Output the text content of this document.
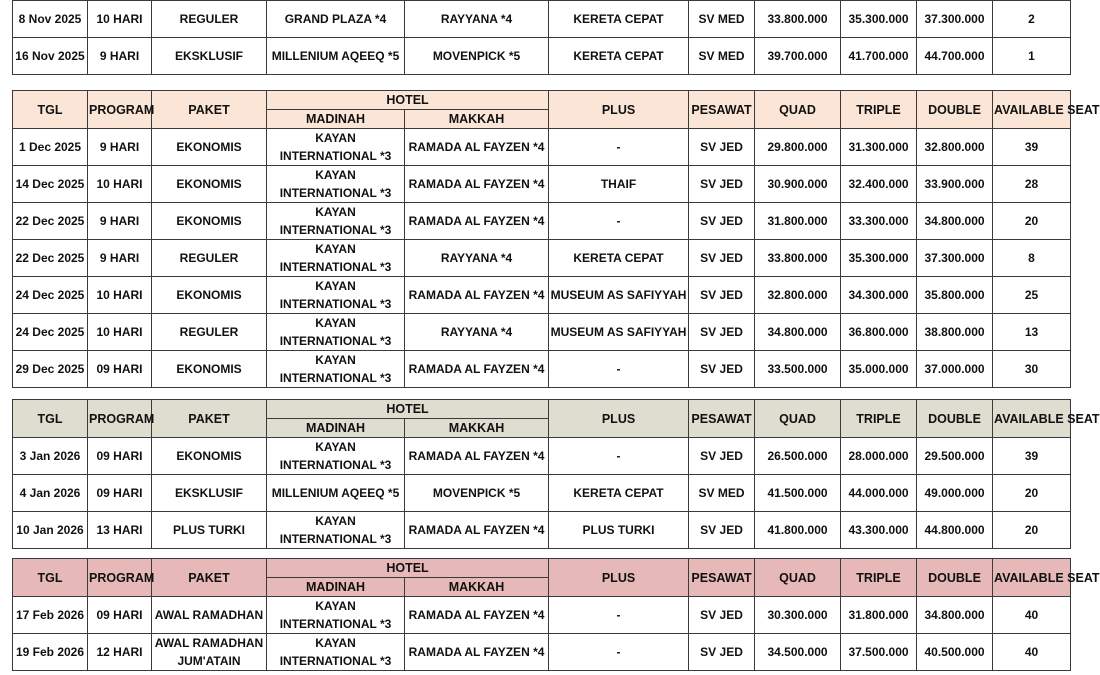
8 Nov 2025	10 HARI	REGULER	GRAND PLAZA *4	RAYYANA *4	KERETA CEPAT	SV MED	33.800.000	35.300.000	37.300.000	2
16 Nov 2025	9 HARI	EKSKLUSIF	MILLENIUM AQEEQ *5	MOVENPICK *5	KERETA CEPAT	SV MED	39.700.000	41.700.000	44.700.000	1
TGL	PROGRAM	PAKET	HOTEL		PLUS	PESAWAT	QUAD	TRIPLE	DOUBLE	AVAILABLE SEAT
			MADINAH	MAKKAH						
1 Dec 2025	9 HARI	EKONOMIS	KAYAN INTERNATIONAL *3	RAMADA AL FAYZEN *4	-	SV JED	29.800.000	31.300.000	32.800.000	39
14 Dec 2025	10 HARI	EKONOMIS	KAYAN INTERNATIONAL *3	RAMADA AL FAYZEN *4	THAIF	SV JED	30.900.000	32.400.000	33.900.000	28
22 Dec 2025	9 HARI	EKONOMIS	KAYAN INTERNATIONAL *3	RAMADA AL FAYZEN *4	-	SV JED	31.800.000	33.300.000	34.800.000	20
22 Dec 2025	9 HARI	REGULER	KAYAN INTERNATIONAL *3	RAYYANA *4	KERETA CEPAT	SV JED	33.800.000	35.300.000	37.300.000	8
24 Dec 2025	10 HARI	EKONOMIS	KAYAN INTERNATIONAL *3	RAMADA AL FAYZEN *4	MUSEUM AS SAFIYYAH	SV JED	32.800.000	34.300.000	35.800.000	25
24 Dec 2025	10 HARI	REGULER	KAYAN INTERNATIONAL *3	RAYYANA *4	MUSEUM AS SAFIYYAH	SV JED	34.800.000	36.800.000	38.800.000	13
29 Dec 2025	09 HARI	EKONOMIS	KAYAN INTERNATIONAL *3	RAMADA AL FAYZEN *4	-	SV JED	33.500.000	35.000.000	37.000.000	30
TGL	PROGRAM	PAKET	HOTEL		PLUS	PESAWAT	QUAD	TRIPLE	DOUBLE	AVAILABLE SEAT
			MADINAH	MAKKAH						
3 Jan 2026	09 HARI	EKONOMIS	KAYAN INTERNATIONAL *3	RAMADA AL FAYZEN *4	-	SV JED	26.500.000	28.000.000	29.500.000	39
4 Jan 2026	09 HARI	EKSKLUSIF	MILLENIUM AQEEQ *5	MOVENPICK *5	KERETA CEPAT	SV MED	41.500.000	44.000.000	49.000.000	20
10 Jan 2026	13 HARI	PLUS TURKI	KAYAN INTERNATIONAL *3	RAMADA AL FAYZEN *4	PLUS TURKI	SV JED	41.800.000	43.300.000	44.800.000	20
TGL	PROGRAM	PAKET	HOTEL		PLUS	PESAWAT	QUAD	TRIPLE	DOUBLE	AVAILABLE SEAT
			MADINAH	MAKKAH						
17 Feb 2026	09 HARI	AWAL RAMADHAN	KAYAN INTERNATIONAL *3	RAMADA AL FAYZEN *4	-	SV JED	30.300.000	31.800.000	34.800.000	40
19 Feb 2026	12 HARI	AWAL RAMADHAN JUM'ATAIN	KAYAN INTERNATIONAL *3	RAMADA AL FAYZEN *4	-	SV JED	34.500.000	37.500.000	40.500.000	40
